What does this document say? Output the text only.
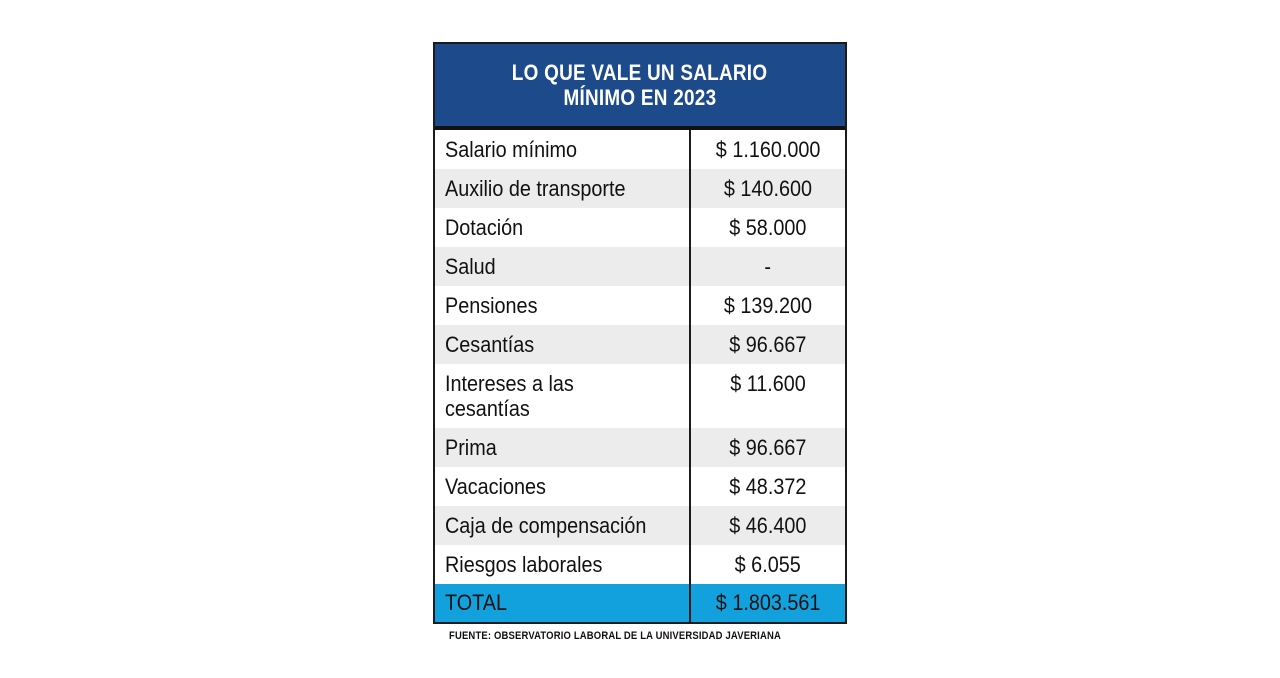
LO QUE VALE UN SALARIO
MÍNIMO EN 2023
Salario mínimo	$ 1.160.000
Auxilio de transporte	$ 140.600
Dotación	$ 58.000
Salud	-
Pensiones	$ 139.200
Cesantías	$ 96.667
Intereses a las cesantías	$ 11.600
Prima	$ 96.667
Vacaciones	$ 48.372
Caja de compensación	$ 46.400
Riesgos laborales	$ 6.055
TOTAL	$ 1.803.561
FUENTE: OBSERVATORIO LABORAL DE LA UNIVERSIDAD JAVERIANA
